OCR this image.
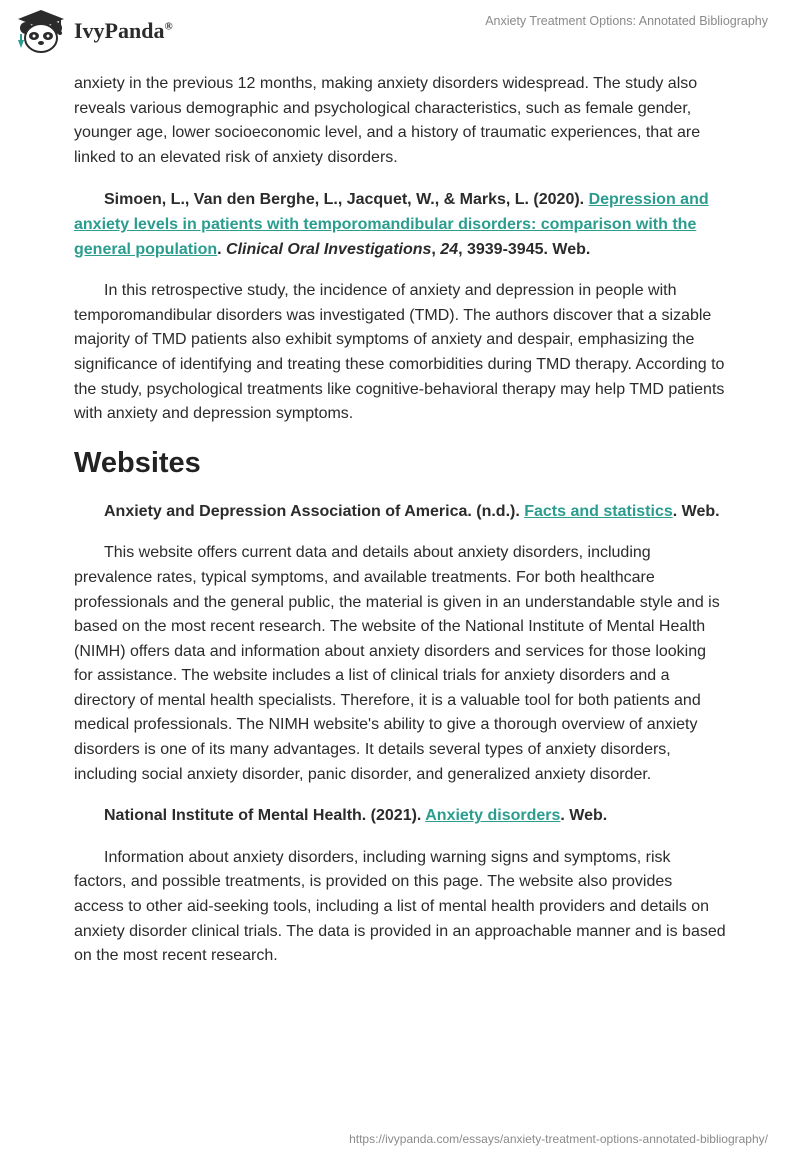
IvyPanda®	Anxiety Treatment Options: Annotated Bibliography

anxiety in the previous 12 months, making anxiety disorders widespread. The study also reveals various demographic and psychological characteristics, such as female gender, younger age, lower socioeconomic level, and a history of traumatic experiences, that are linked to an elevated risk of anxiety disorders.

Simoen, L., Van den Berghe, L., Jacquet, W., & Marks, L. (2020). Depression and anxiety levels in patients with temporomandibular disorders: comparison with the general population. Clinical Oral Investigations, 24, 3939-3945. Web.

In this retrospective study, the incidence of anxiety and depression in people with temporomandibular disorders was investigated (TMD). The authors discover that a sizable majority of TMD patients also exhibit symptoms of anxiety and despair, emphasizing the significance of identifying and treating these comorbidities during TMD therapy. According to the study, psychological treatments like cognitive-behavioral therapy may help TMD patients with anxiety and depression symptoms.

Websites

Anxiety and Depression Association of America. (n.d.). Facts and statistics. Web.

This website offers current data and details about anxiety disorders, including prevalence rates, typical symptoms, and available treatments. For both healthcare professionals and the general public, the material is given in an understandable style and is based on the most recent research. The website of the National Institute of Mental Health (NIMH) offers data and information about anxiety disorders and services for those looking for assistance. The website includes a list of clinical trials for anxiety disorders and a directory of mental health specialists. Therefore, it is a valuable tool for both patients and medical professionals. The NIMH website's ability to give a thorough overview of anxiety disorders is one of its many advantages. It details several types of anxiety disorders, including social anxiety disorder, panic disorder, and generalized anxiety disorder.

National Institute of Mental Health. (2021). Anxiety disorders. Web.

Information about anxiety disorders, including warning signs and symptoms, risk factors, and possible treatments, is provided on this page. The website also provides access to other aid-seeking tools, including a list of mental health providers and details on anxiety disorder clinical trials. The data is provided in an approachable manner and is based on the most recent research.

https://ivypanda.com/essays/anxiety-treatment-options-annotated-bibliography/
